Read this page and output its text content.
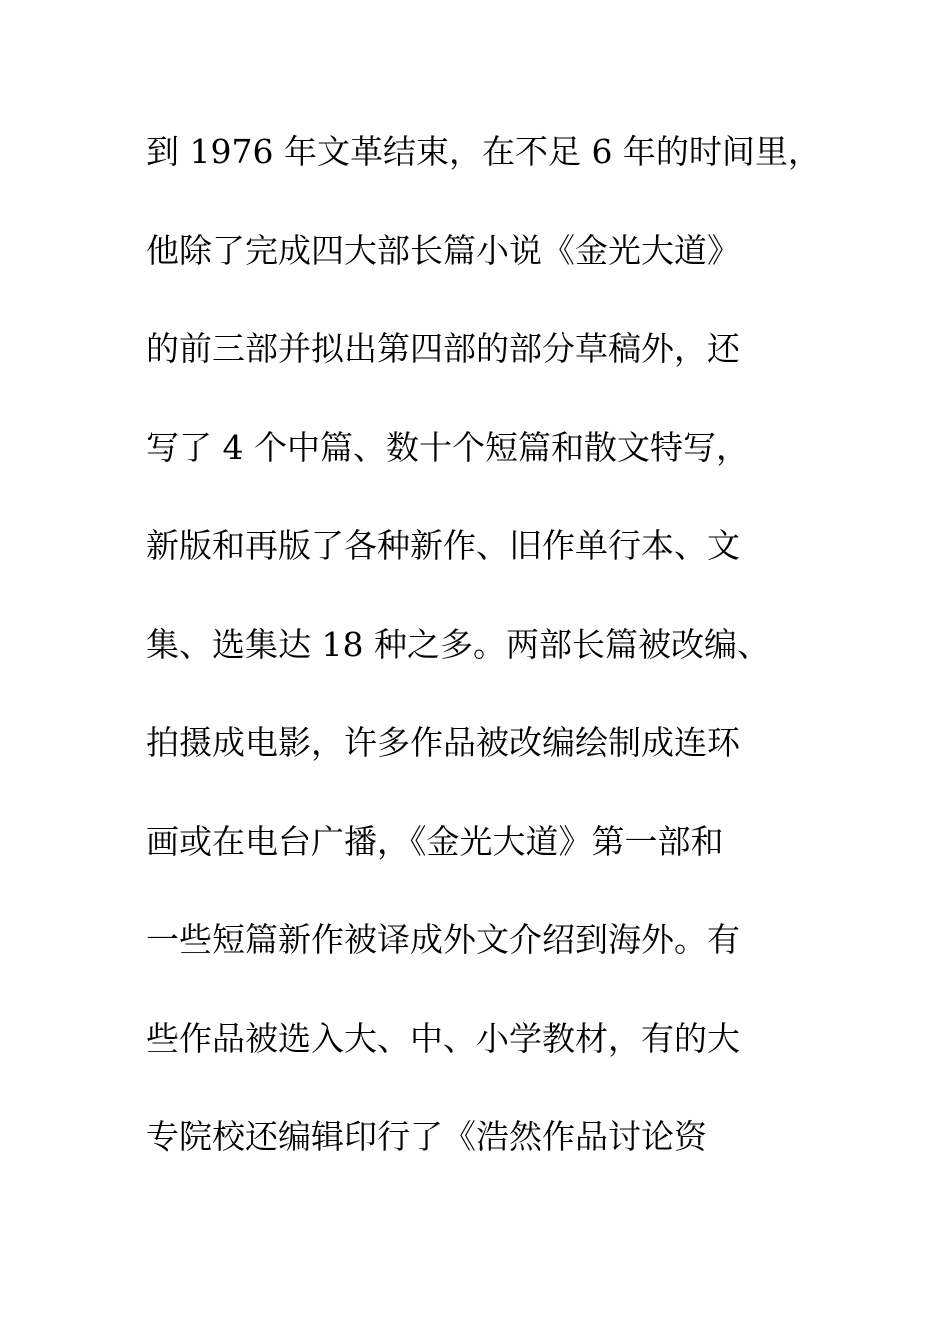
到 1976 年文革结束，在不足 6 年的时间里，
他除了完成四大部长篇小说《金光大道》
的前三部并拟出第四部的部分草稿外，还
写了 4 个中篇、数十个短篇和散文特写，
新版和再版了各种新作、旧作单行本、文
集、选集达 18 种之多。两部长篇被改编、
拍摄成电影，许多作品被改编绘制成连环
画或在电台广播，《金光大道》第一部和
一些短篇新作被译成外文介绍到海外。有
些作品被选入大、中、小学教材，有的大
专院校还编辑印行了《浩然作品讨论资
